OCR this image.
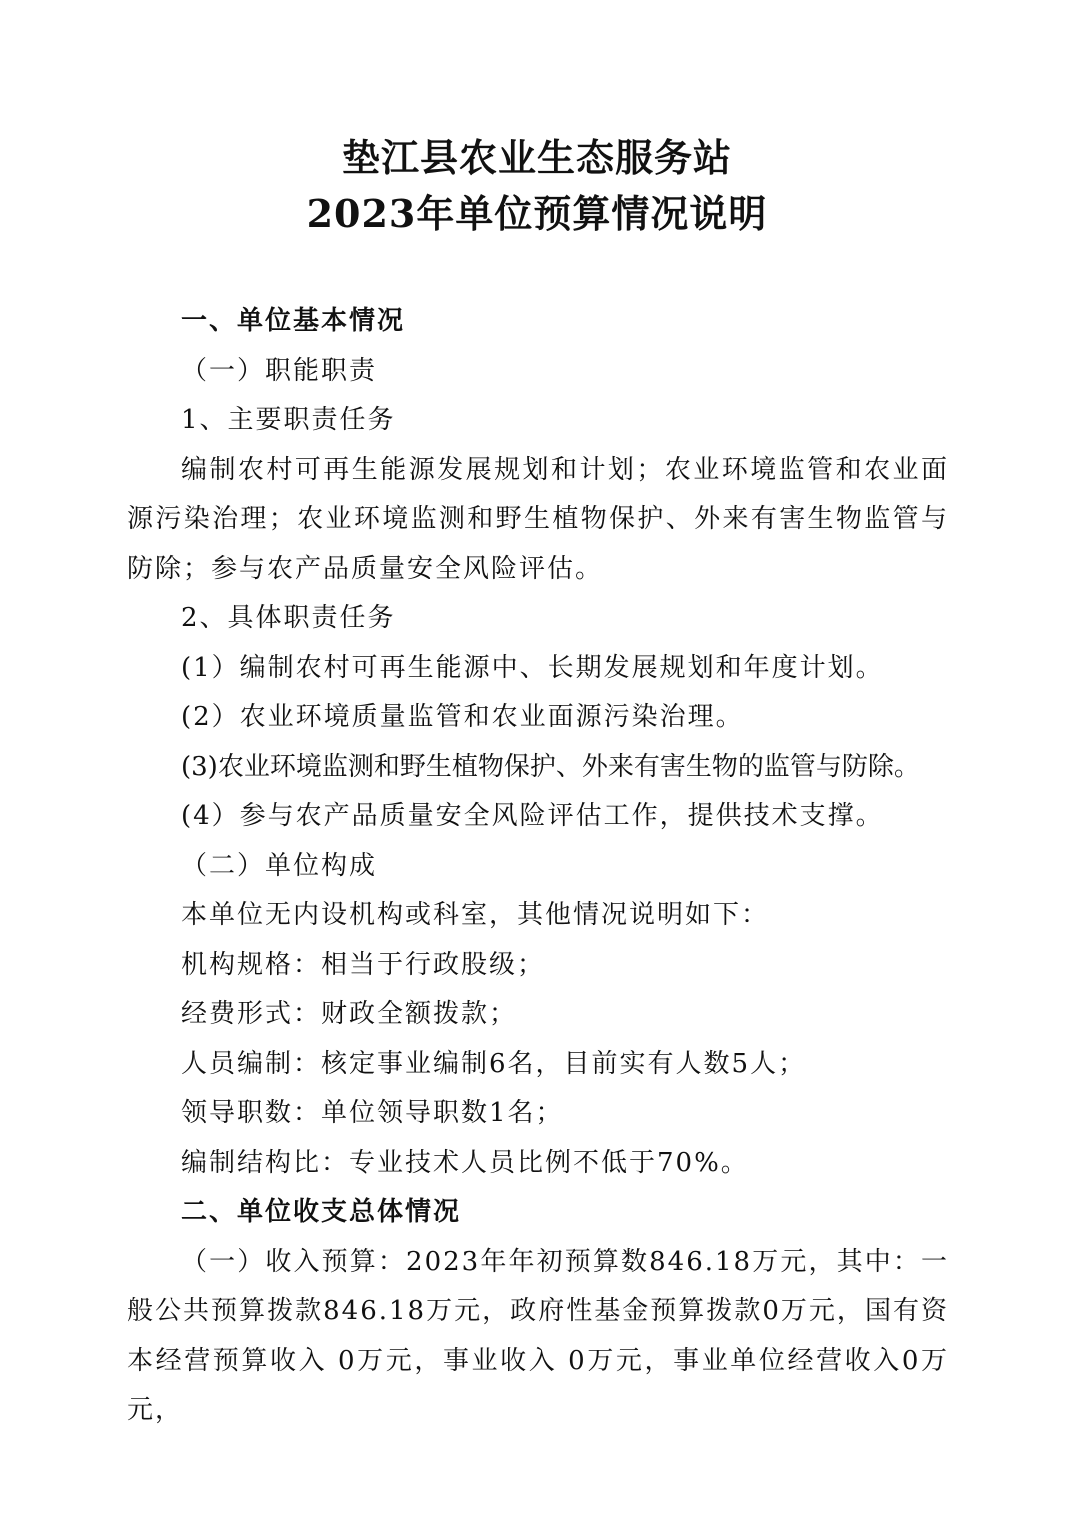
垫江县农业生态服务站
2023年单位预算情况说明

一、单位基本情况

（一）职能职责

1、主要职责任务

编制农村可再生能源发展规划和计划；农业环境监管和农业面源污染治理；农业环境监测和野生植物保护、外来有害生物监管与防除；参与农产品质量安全风险评估。

2、具体职责任务

(1）编制农村可再生能源中、长期发展规划和年度计划。

(2）农业环境质量监管和农业面源污染治理。

(3)农业环境监测和野生植物保护、外来有害生物的监管与防除。

(4）参与农产品质量安全风险评估工作，提供技术支撑。

（二）单位构成

本单位无内设机构或科室，其他情况说明如下：

机构规格：相当于行政股级；

经费形式：财政全额拨款；

人员编制：核定事业编制6名，目前实有人数5人；

领导职数：单位领导职数1名；

编制结构比：专业技术人员比例不低于70%。

二、单位收支总体情况

（一）收入预算：2023年年初预算数846.18万元，其中：一般公共预算拨款846.18万元，政府性基金预算拨款0万元，国有资本经营预算收入 0万元，事业收入 0万元，事业单位经营收入0万元，
